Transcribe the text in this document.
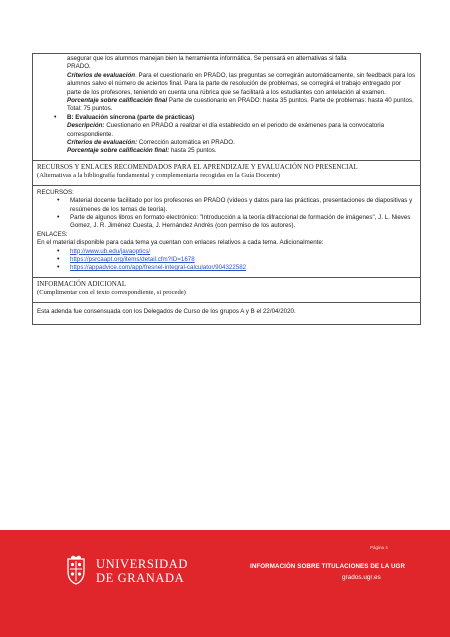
asegurar que los alumnos manejan bien la herramienta informática. Se pensará en alternativas si falla
PRADO.
Criterios de evaluación. Para el cuestionario en PRADO, las preguntas se corregirán automáticamente, sin feedback para los alumnos salvo el número de aciertos final. Para la parte de resolución de problemas, se corregirá el trabajo entregado por parte de los profesores, teniendo en cuenta una rúbrica que se facilitará a los estudiantes con antelación al examen.
Porcentaje sobre calificación final Parte de cuestionario en PRADO: hasta 35 puntos. Parte de problemas: hasta 40 puntos. Total: 75 puntos.
• B: Evaluación síncrona (parte de prácticas)
Descripción: Cuestionario en PRADO a realizar el día establecido en el periodo de exámenes para la convocatoria correspondiente.
Criterios de evaluación: Corrección automática en PRADO.
Porcentaje sobre calificación final: hasta 25 puntos.
RECURSOS Y ENLACES RECOMENDADOS PARA EL APRENDIZAJE Y EVALUACIÓN NO PRESENCIAL
(Alternativas a la bibliografía fundamental y complementaria recogidas en la Guía Docente)
RECURSOS:
• Material docente facilitado por los profesores en PRADO (vídeos y datos para las prácticas, presentaciones de diapositivas y resúmenes de los temas de teoría).
• Parte de algunos libros en formato electrónico: "Introducción a la teoría difraccional de formación de imágenes", J. L. Nieves Gomez, J. R. Jiménez Cuesta, J. Hernández Andrés (con permiso de los autores).
ENLACES:
En el material disponible para cada tema ya cuentan con enlaces relativos a cada tema. Adicionalmente:
• http://www.ub.edu/javaoptics/
• https://psrcaapt.org/items/detail.cfm?ID=1678
• https://appadvice.com/app/fresnel-integral-calculator/904322582
INFORMACIÓN ADICIONAL
(Cumplimentar con el texto correspondiente, si procede)
Esta adenda fue consensuada con los Delegados de Curso de los grupos A y B el 22/04/2020.
Página 4
UNIVERSIDAD
DE GRANADA
INFORMACIÓN SOBRE TITULACIONES DE LA UGR
grados.ugr.es
